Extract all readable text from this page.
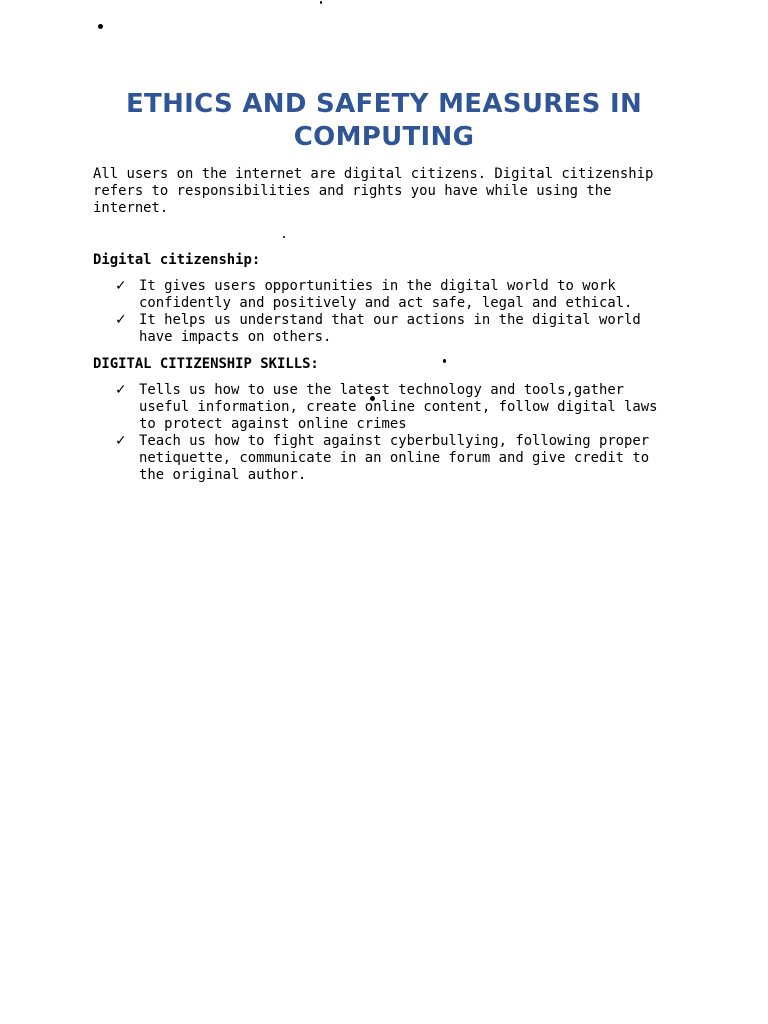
ETHICS AND SAFETY MEASURES IN COMPUTING

All users on the internet are digital citizens. Digital citizenship refers to responsibilities and rights you have while using the internet.

Digital citizenship:
✓ It gives users opportunities in the digital world to work confidently and positively and act safe, legal and ethical.
✓ It helps us understand that our actions in the digital world have impacts on others.
DIGITAL CITIZENSHIP SKILLS:
✓ Tells us how to use the latest technology and tools,gather useful information, create online content, follow digital laws to protect against online crimes
✓ Teach us how to fight against cyberbullying, following proper netiquette, communicate in an online forum and give credit to the original author.
